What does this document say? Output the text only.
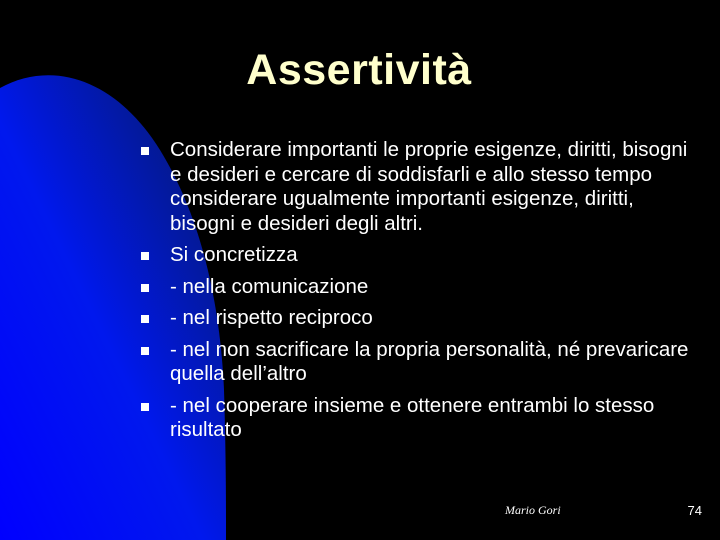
Assertività
Considerare importanti le proprie esigenze, diritti, bisogni e desideri e cercare di soddisfarli e allo stesso tempo considerare ugualmente importanti esigenze, diritti, bisogni e desideri degli altri.
Si concretizza
- nella comunicazione
- nel rispetto reciproco
- nel non sacrificare la propria personalità, né prevaricare quella dell’altro
- nel cooperare insieme e ottenere entrambi lo stesso risultato
Mario Gori	74
